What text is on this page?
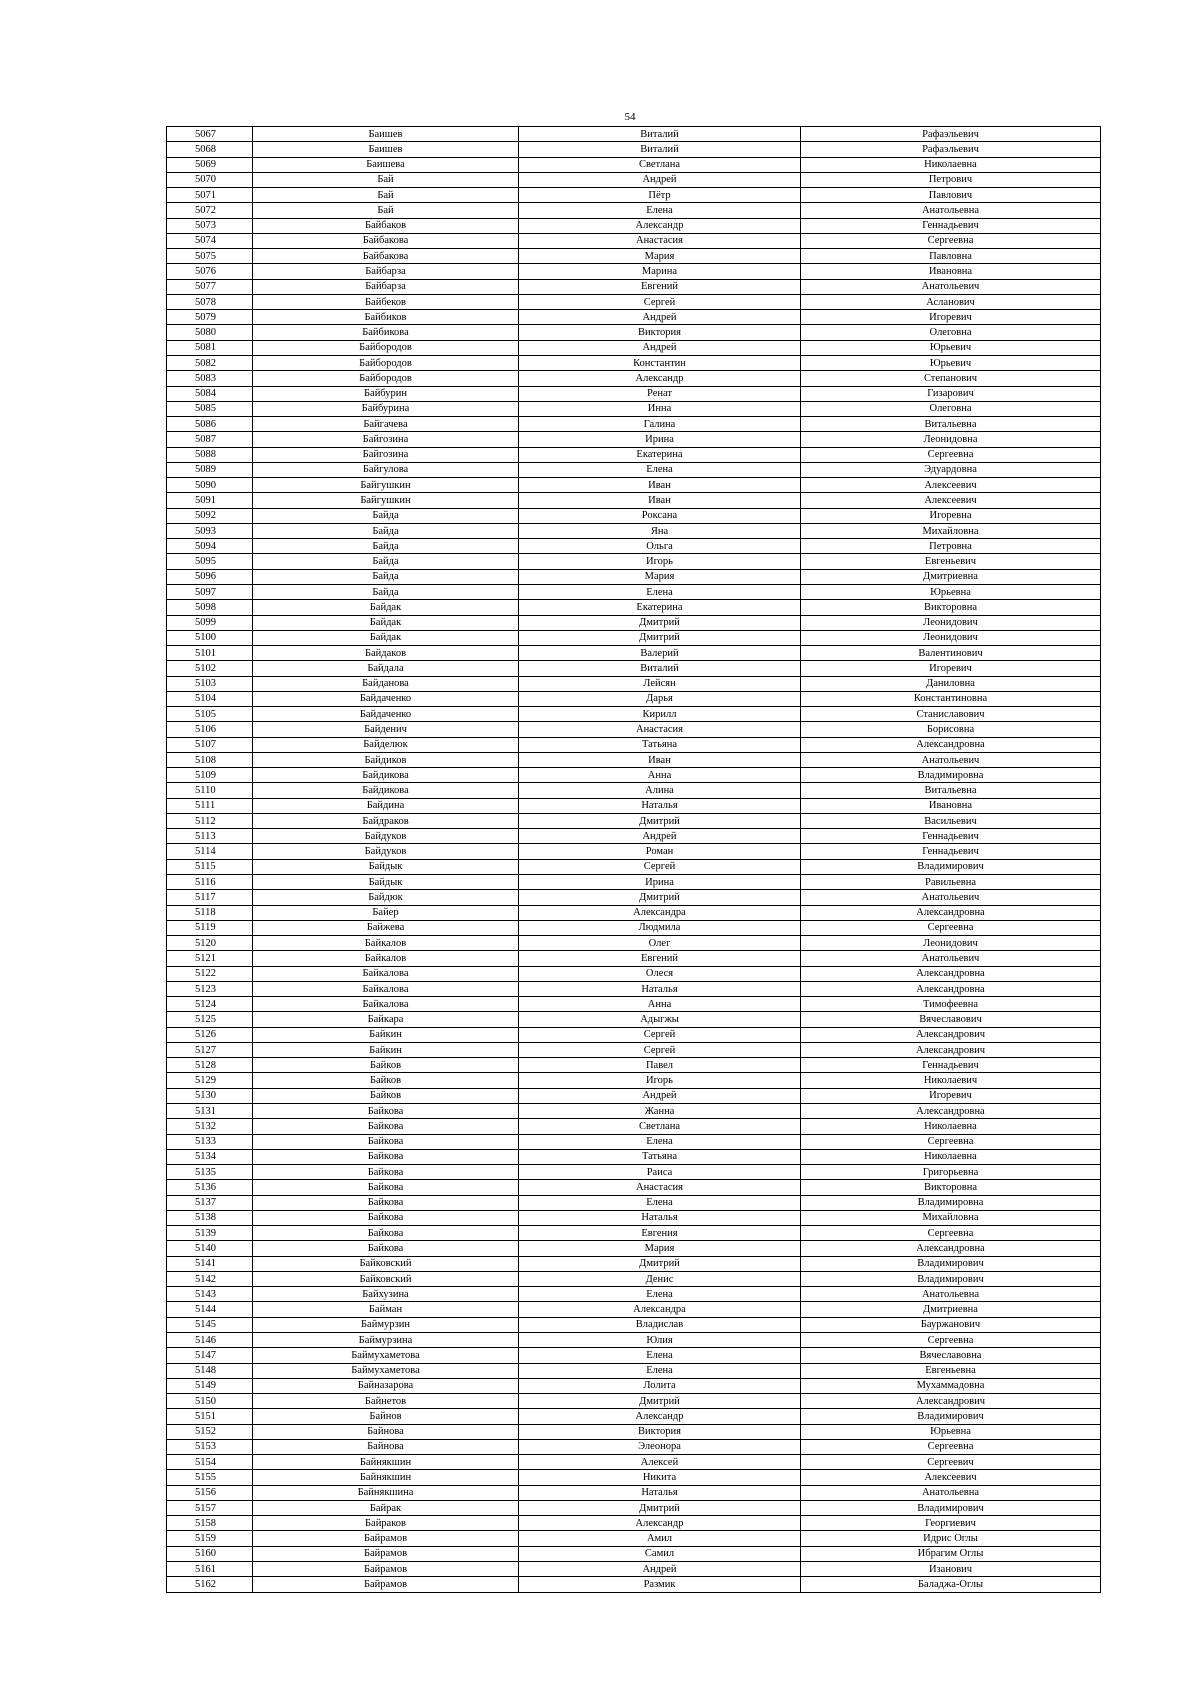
54
5067	Баишев	Виталий	Рафаэльевич
5068	Баишев	Виталий	Рафаэльевич
5069	Баишева	Светлана	Николаевна
5070	Бай	Андрей	Петрович
5071	Бай	Пётр	Павлович
5072	Бай	Елена	Анатольевна
5073	Байбаков	Александр	Геннадьевич
5074	Байбакова	Анастасия	Сергеевна
5075	Байбакова	Мария	Павловна
5076	Байбарза	Марина	Ивановна
5077	Байбарза	Евгений	Анатольевич
5078	Байбеков	Сергей	Асланович
5079	Байбиков	Андрей	Игоревич
5080	Байбикова	Виктория	Олеговна
5081	Байбородов	Андрей	Юрьевич
5082	Байбородов	Константин	Юрьевич
5083	Байбородов	Александр	Степанович
5084	Байбурин	Ренат	Гизарович
5085	Байбурина	Инна	Олеговна
5086	Байгачева	Галина	Витальевна
5087	Байгозина	Ирина	Леонидовна
5088	Байгозина	Екатерина	Сергеевна
5089	Байгулова	Елена	Эдуардовна
5090	Байгушкин	Иван	Алексеевич
5091	Байгушкин	Иван	Алексеевич
5092	Байда	Роксана	Игоревна
5093	Байда	Яна	Михайловна
5094	Байда	Ольга	Петровна
5095	Байда	Игорь	Евгеньевич
5096	Байда	Мария	Дмитриевна
5097	Байда	Елена	Юрьевна
5098	Байдак	Екатерина	Викторовна
5099	Байдак	Дмитрий	Леонидович
5100	Байдак	Дмитрий	Леонидович
5101	Байдаков	Валерий	Валентинович
5102	Байдала	Виталий	Игоревич
5103	Байданова	Лейсян	Даниловна
5104	Байдаченко	Дарья	Константиновна
5105	Байдаченко	Кирилл	Станиславович
5106	Байденич	Анастасия	Борисовна
5107	Байделюк	Татьяна	Александровна
5108	Байдиков	Иван	Анатольевич
5109	Байдикова	Анна	Владимировна
5110	Байдикова	Алина	Витальевна
5111	Байдина	Наталья	Ивановна
5112	Байдраков	Дмитрий	Васильевич
5113	Байдуков	Андрей	Геннадьевич
5114	Байдуков	Роман	Геннадьевич
5115	Байдык	Сергей	Владимирович
5116	Байдык	Ирина	Равильевна
5117	Байдюк	Дмитрий	Анатольевич
5118	Байер	Александра	Александровна
5119	Байжева	Людмила	Сергеевна
5120	Байкалов	Олег	Леонидович
5121	Байкалов	Евгений	Анатольевич
5122	Байкалова	Олеся	Александровна
5123	Байкалова	Наталья	Александровна
5124	Байкалова	Анна	Тимофеевна
5125	Байкара	Адыгжы	Вячеславович
5126	Байкин	Сергей	Александрович
5127	Байкин	Сергей	Александрович
5128	Байков	Павел	Геннадьевич
5129	Байков	Игорь	Николаевич
5130	Байков	Андрей	Игоревич
5131	Байкова	Жанна	Александровна
5132	Байкова	Светлана	Николаевна
5133	Байкова	Елена	Сергеевна
5134	Байкова	Татьяна	Николаевна
5135	Байкова	Раиса	Григорьевна
5136	Байкова	Анастасия	Викторовна
5137	Байкова	Елена	Владимировна
5138	Байкова	Наталья	Михайловна
5139	Байкова	Евгения	Сергеевна
5140	Байкова	Мария	Александровна
5141	Байковский	Дмитрий	Владимирович
5142	Байковский	Денис	Владимирович
5143	Байхузина	Елена	Анатольевна
5144	Байман	Александра	Дмитриевна
5145	Баймурзин	Владислав	Бауржанович
5146	Баймурзина	Юлия	Сергеевна
5147	Баймухаметова	Елена	Вячеславовна
5148	Баймухаметова	Елена	Евгеньевна
5149	Байназарова	Лолита	Мухаммадовна
5150	Байнетов	Дмитрий	Александрович
5151	Байнов	Александр	Владимирович
5152	Байнова	Виктория	Юрьевна
5153	Байнова	Элеонора	Сергеевна
5154	Байнякшин	Алексей	Сергеевич
5155	Байнякшин	Никита	Алексеевич
5156	Байнякшина	Наталья	Анатольевна
5157	Байрак	Дмитрий	Владимирович
5158	Байраков	Александр	Георгиевич
5159	Байрамов	Амил	Идрис Оглы
5160	Байрамов	Самил	Ибрагим Оглы
5161	Байрамов	Андрей	Изанович
5162	Байрамов	Размик	Баладжа-Оглы
